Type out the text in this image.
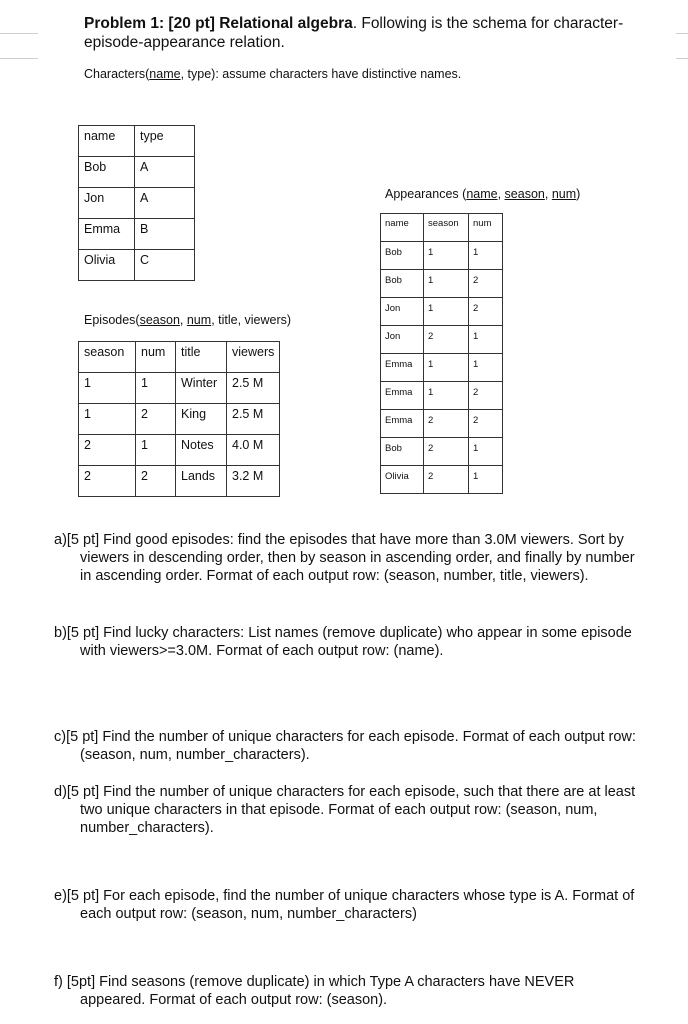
Problem 1: [20 pt] Relational algebra. Following is the schema for character-episode-appearance relation.
Characters(name, type): assume characters have distinctive names.
name	type
Bob	A
Jon	A
Emma	B
Olivia	C
Appearances (name, season, num)
name	season	num
Bob	1	1
Bob	1	2
Jon	1	2
Jon	2	1
Emma	1	1
Emma	1	2
Emma	2	2
Bob	2	1
Olivia	2	1
Episodes(season, num, title, viewers)
season	num	title	viewers
1	1	Winter	2.5 M
1	2	King	2.5 M
2	1	Notes	4.0 M
2	2	Lands	3.2 M
a)[5 pt] Find good episodes: find the episodes that have more than 3.0M viewers. Sort by viewers in descending order, then by season in ascending order, and finally by number in ascending order. Format of each output row: (season, number, title, viewers).
b)[5 pt] Find lucky characters: List names (remove duplicate) who appear in some episode with viewers>=3.0M. Format of each output row: (name).
c)[5 pt] Find the number of unique characters for each episode. Format of each output row: (season, num, number_characters).
d)[5 pt] Find the number of unique characters for each episode, such that there are at least two unique characters in that episode. Format of each output row: (season, num, number_characters).
e)[5 pt] For each episode, find the number of unique characters whose type is A. Format of each output row: (season, num, number_characters)
f) [5pt] Find seasons (remove duplicate) in which Type A characters have NEVER appeared. Format of each output row: (season).
